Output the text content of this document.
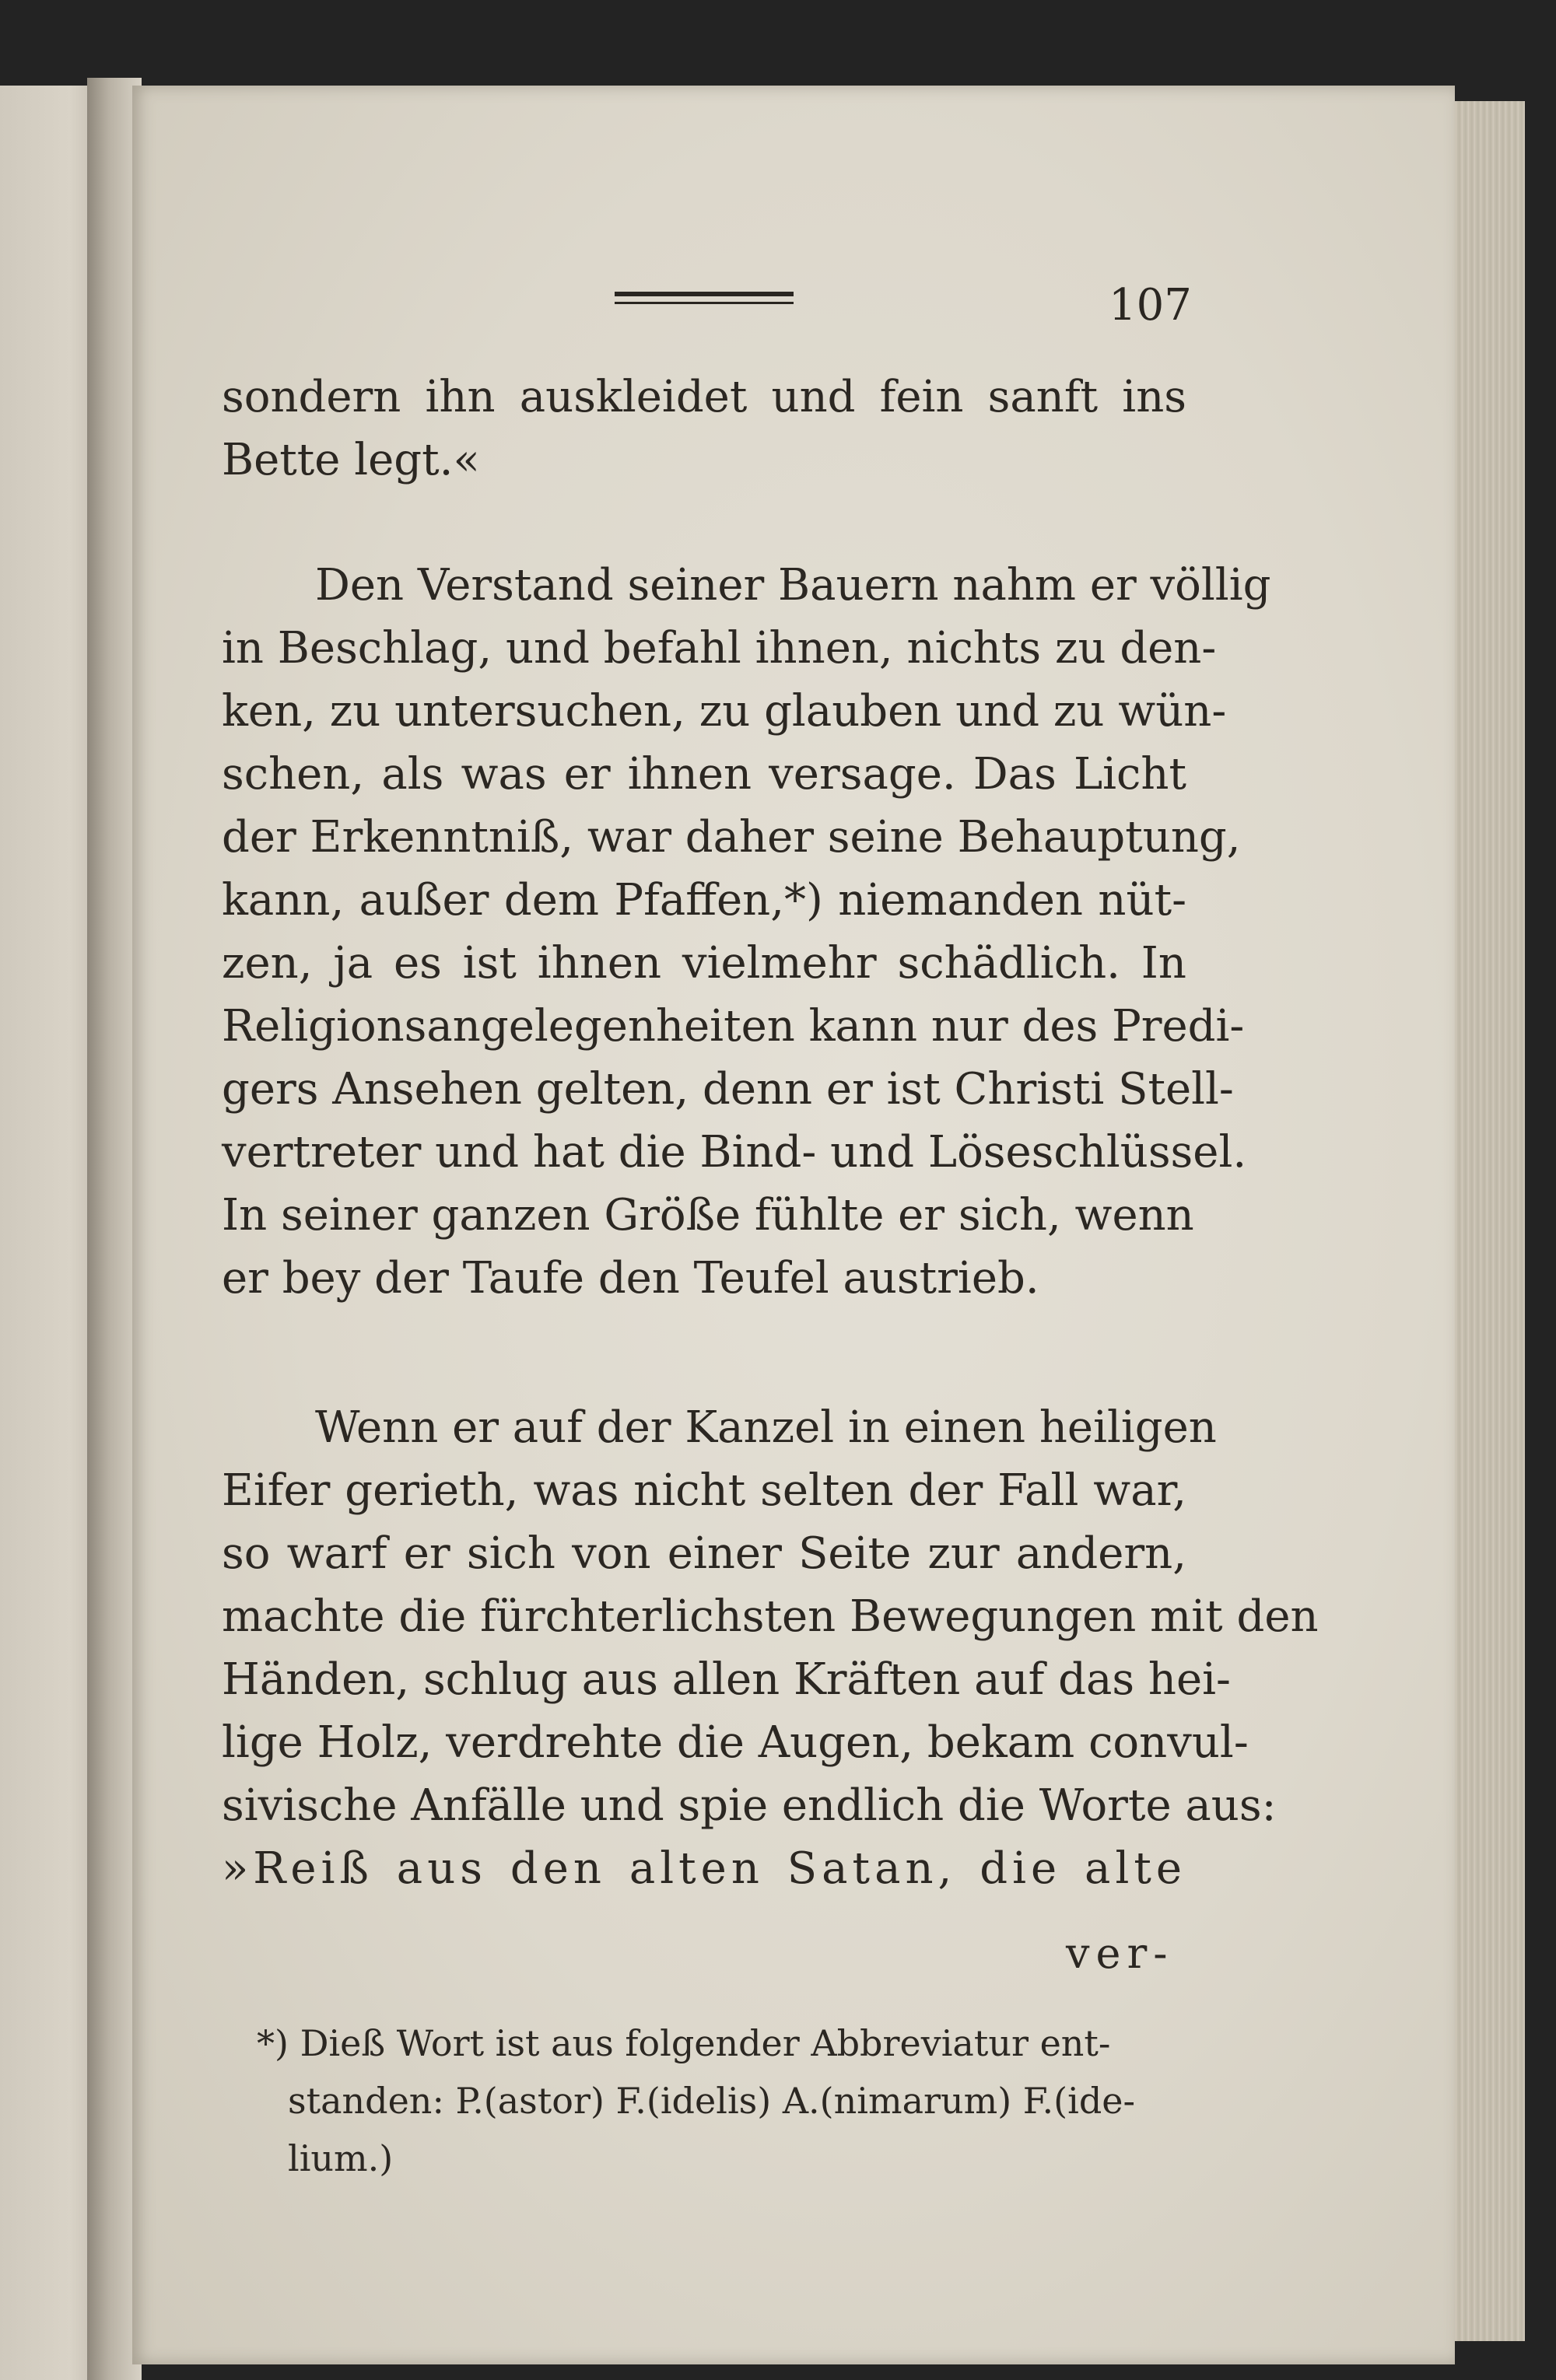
107
sondern ihn auskleidet und fein sanft ins
Bette legt.«
Den Verstand seiner Bauern nahm er völlig
in Beschlag, und befahl ihnen, nichts zu den-
ken, zu untersuchen, zu glauben und zu wün-
schen, als was er ihnen versage. Das Licht
der Erkenntniß, war daher seine Behauptung,
kann, außer dem Pfaffen,*) niemanden nüt-
zen, ja es ist ihnen vielmehr schädlich. In
Religionsangelegenheiten kann nur des Predi-
gers Ansehen gelten, denn er ist Christi Stell-
vertreter und hat die Bind- und Löseschlüssel.
In seiner ganzen Größe fühlte er sich, wenn
er bey der Taufe den Teufel austrieb.
Wenn er auf der Kanzel in einen heiligen
Eifer gerieth, was nicht selten der Fall war,
so warf er sich von einer Seite zur andern,
machte die fürchterlichsten Bewegungen mit den
Händen, schlug aus allen Kräften auf das hei-
lige Holz, verdrehte die Augen, bekam convul-
sivische Anfälle und spie endlich die Worte aus:
»Reiß aus den alten Satan, die alte
ver-
*) Dieß Wort ist aus folgender Abbreviatur ent-
standen: P.(astor) F.(idelis) A.(nimarum) F.(ide-
lium.)
